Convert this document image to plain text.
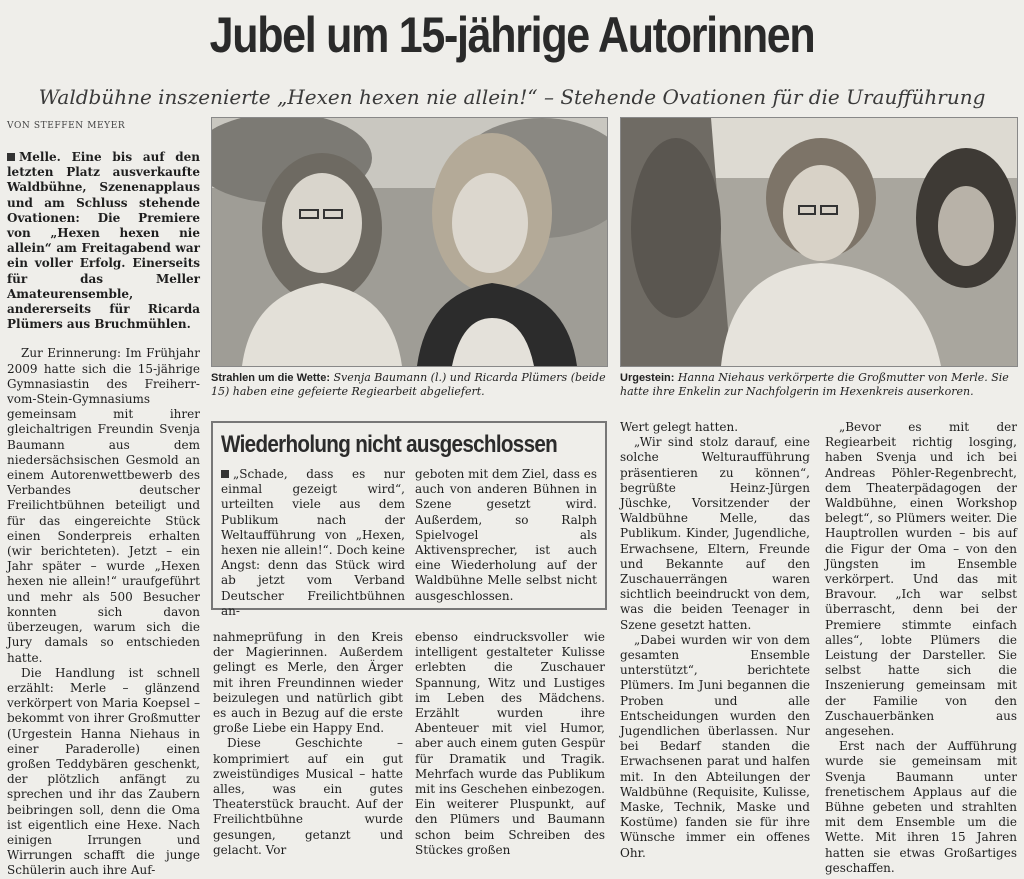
Jubel um 15-jährige Autorinnen
Waldbühne inszenierte „Hexen hexen nie allein!“ – Stehende Ovationen für die Uraufführung
VON STEFFEN MEYER

Melle. Eine bis auf den letzten Platz ausverkaufte Waldbühne, Szenenapplaus und am Schluss stehende Ovationen: Die Premiere von „Hexen hexen nie allein“ am Freitagabend war ein voller Erfolg. Einerseits für das Meller Amateurensemble, andererseits für Ricarda Plümers aus Bruchmühlen.

Zur Erinnerung: Im Frühjahr 2009 hatte sich die 15-jährige Gymnasiastin des Freiherr-vom-Stein-Gymnasiums gemeinsam mit ihrer gleichaltrigen Freundin Svenja Baumann aus dem niedersächsischen Gesmold an einem Autorenwettbewerb des Verbandes deutscher Freilichtbühnen beteiligt und für das eingereichte Stück einen Sonderpreis erhalten (wir berichteten). Jetzt – ein Jahr später – wurde „Hexen hexen nie allein!“ uraufgeführt und mehr als 500 Besucher konnten sich davon überzeugen, warum sich die Jury damals so entschieden hatte.

Die Handlung ist schnell erzählt: Merle – glänzend verkörpert von Maria Koepsel – bekommt von ihrer Großmutter (Urgestein Hanna Niehaus in einer Paraderolle) einen großen Teddybären geschenkt, der plötzlich anfängt zu sprechen und ihr das Zaubern beibringen soll, denn die Oma ist eigentlich eine Hexe. Nach einigen Irrungen und Wirrungen schafft die junge Schülerin auch ihre Auf-

Strahlen um die Wette: Svenja Baumann (l.) und Ricarda Plümers (beide 15) haben eine gefeierte Regiearbeit abgeliefert.
Urgestein: Hanna Niehaus verkörperte die Großmutter von Merle. Sie hatte ihre Enkelin zur Nachfolgerin im Hexenkreis auserkoren.
Wiederholung nicht ausgeschlossen

„Schade, dass es nur einmal gezeigt wird“, urteilten viele aus dem Publikum nach der Weltaufführung von „Hexen, hexen nie allein!“. Doch keine Angst: denn das Stück wird ab jetzt vom Verband Deutscher Freilichtbühnen an-

geboten mit dem Ziel, dass es auch von anderen Bühnen in Szene gesetzt wird. Außerdem, so Ralph Spielvogel als Aktivensprecher, ist auch eine Wiederholung auf der Waldbühne Melle selbst nicht ausgeschlossen.

nahmeprüfung in den Kreis der Magierinnen. Außerdem gelingt es Merle, den Ärger mit ihren Freundinnen wieder beizulegen und natürlich gibt es auch in Bezug auf die erste große Liebe ein Happy End.

Diese Geschichte – komprimiert auf ein gut zweistündiges Musical – hatte alles, was ein gutes Theaterstück braucht. Auf der Freilichtbühne wurde gesungen, getanzt und gelacht. Vor

ebenso eindrucksvoller wie intelligent gestalteter Kulisse erlebten die Zuschauer Spannung, Witz und Lustiges im Leben des Mädchens. Erzählt wurden ihre Abenteuer mit viel Humor, aber auch einem guten Gespür für Dramatik und Tragik. Mehrfach wurde das Publikum mit ins Geschehen einbezogen. Ein weiterer Pluspunkt, auf den Plümers und Baumann schon beim Schreiben des Stückes großen

Wert gelegt hatten.

„Wir sind stolz darauf, eine solche Welturaufführung präsentieren zu können“, begrüßte Heinz-Jürgen Jüschke, Vorsitzender der Waldbühne Melle, das Publikum. Kinder, Jugendliche, Erwachsene, Eltern, Freunde und Bekannte auf den Zuschauerrängen waren sichtlich beeindruckt von dem, was die beiden Teenager in Szene gesetzt hatten.

„Dabei wurden wir von dem gesamten Ensemble unterstützt“, berichtete Plümers. Im Juni begannen die Proben und alle Entscheidungen wurden den Jugendlichen überlassen. Nur bei Bedarf standen die Erwachsenen parat und halfen mit. In den Abteilungen der Waldbühne (Requisite, Kulisse, Maske, Technik, Maske und Kostüme) fanden sie für ihre Wünsche immer ein offenes Ohr.

„Bevor es mit der Regiearbeit richtig losging, haben Svenja und ich bei Andreas Pöhler-Regenbrecht, dem Theaterpädagogen der Waldbühne, einen Workshop belegt“, so Plümers weiter. Die Hauptrollen wurden – bis auf die Figur der Oma – von den Jüngsten im Ensemble verkörpert. Und das mit Bravour. „Ich war selbst überrascht, denn bei der Premiere stimmte einfach alles“, lobte Plümers die Leistung der Darsteller. Sie selbst hatte sich die Inszenierung gemeinsam mit der Familie von den Zuschauerbänken aus angesehen.

Erst nach der Aufführung wurde sie gemeinsam mit Svenja Baumann unter frenetischem Applaus auf die Bühne gebeten und strahlten mit dem Ensemble um die Wette. Mit ihren 15 Jahren hatten sie etwas Großartiges geschaffen.
